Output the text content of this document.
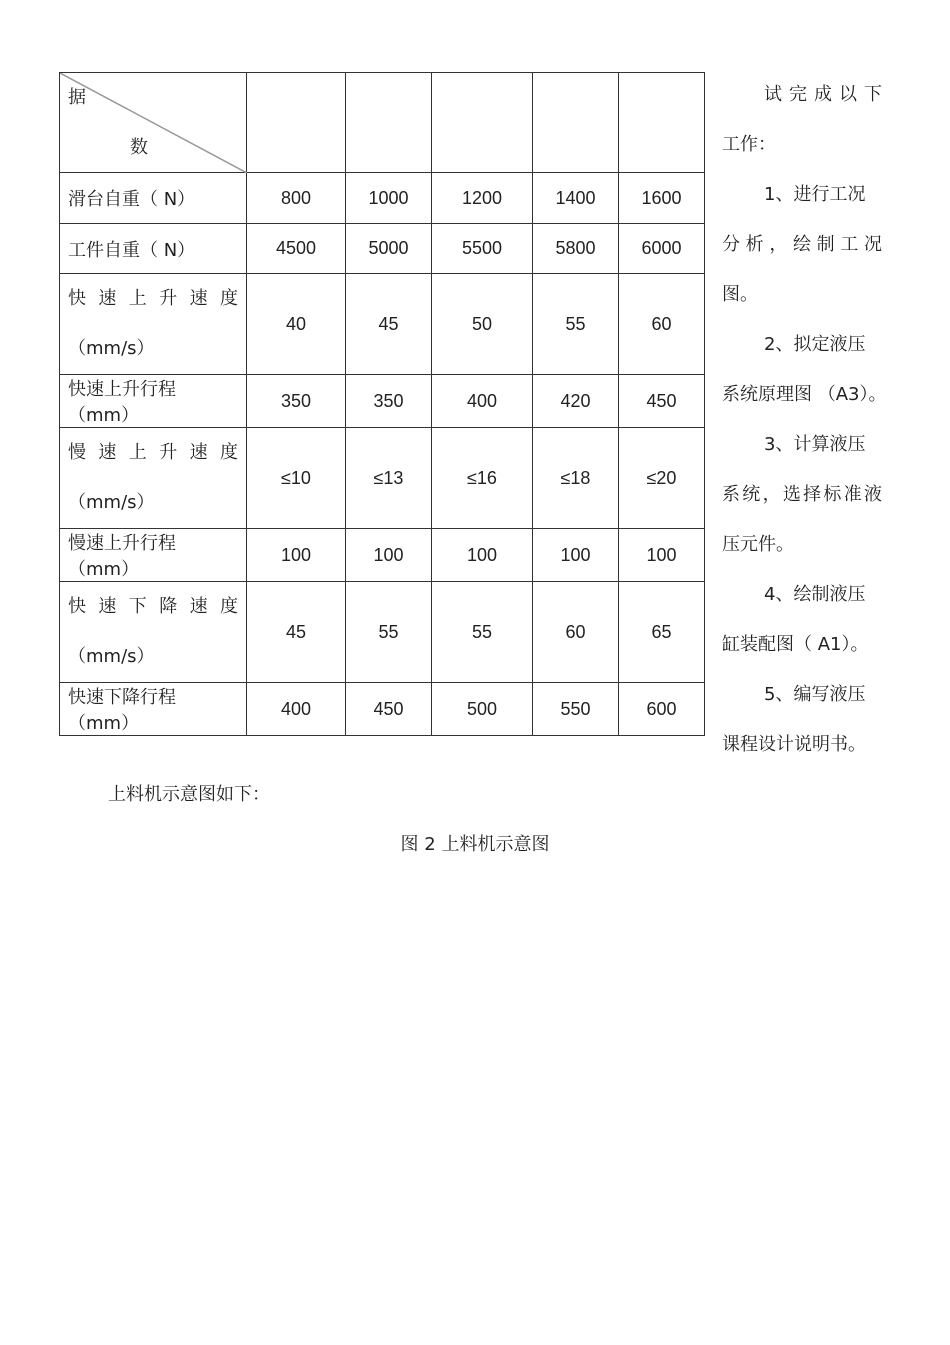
据
数					

滑台自重（ N）	800	1000	1200	1400	1600
工件自重（ N）	4500	5000	5500	5800	6000

快速上升速度
（mm/s）	40	45	50	55	60
快速上升行程 （mm）	350	350	400	420	450

慢速上升速度
（mm/s）	≤10	≤13	≤16	≤18	≤20
慢速上升行程 （mm）	100	100	100	100	100

快速下降速度
（mm/s）	45	55	55	60	65
快速下降行程 （mm）	400	450	500	550	600

试完成以下

工作：

1、进行工况

分析，绘制工况

图。

2、拟定液压

系统原理图 （A3）。

3、计算液压

系统，选择标准液

压元件。

4、绘制液压

缸装配图（ A1）。

5、编写液压

课程设计说明书。

上料机示意图如下：
图 2 上料机示意图
